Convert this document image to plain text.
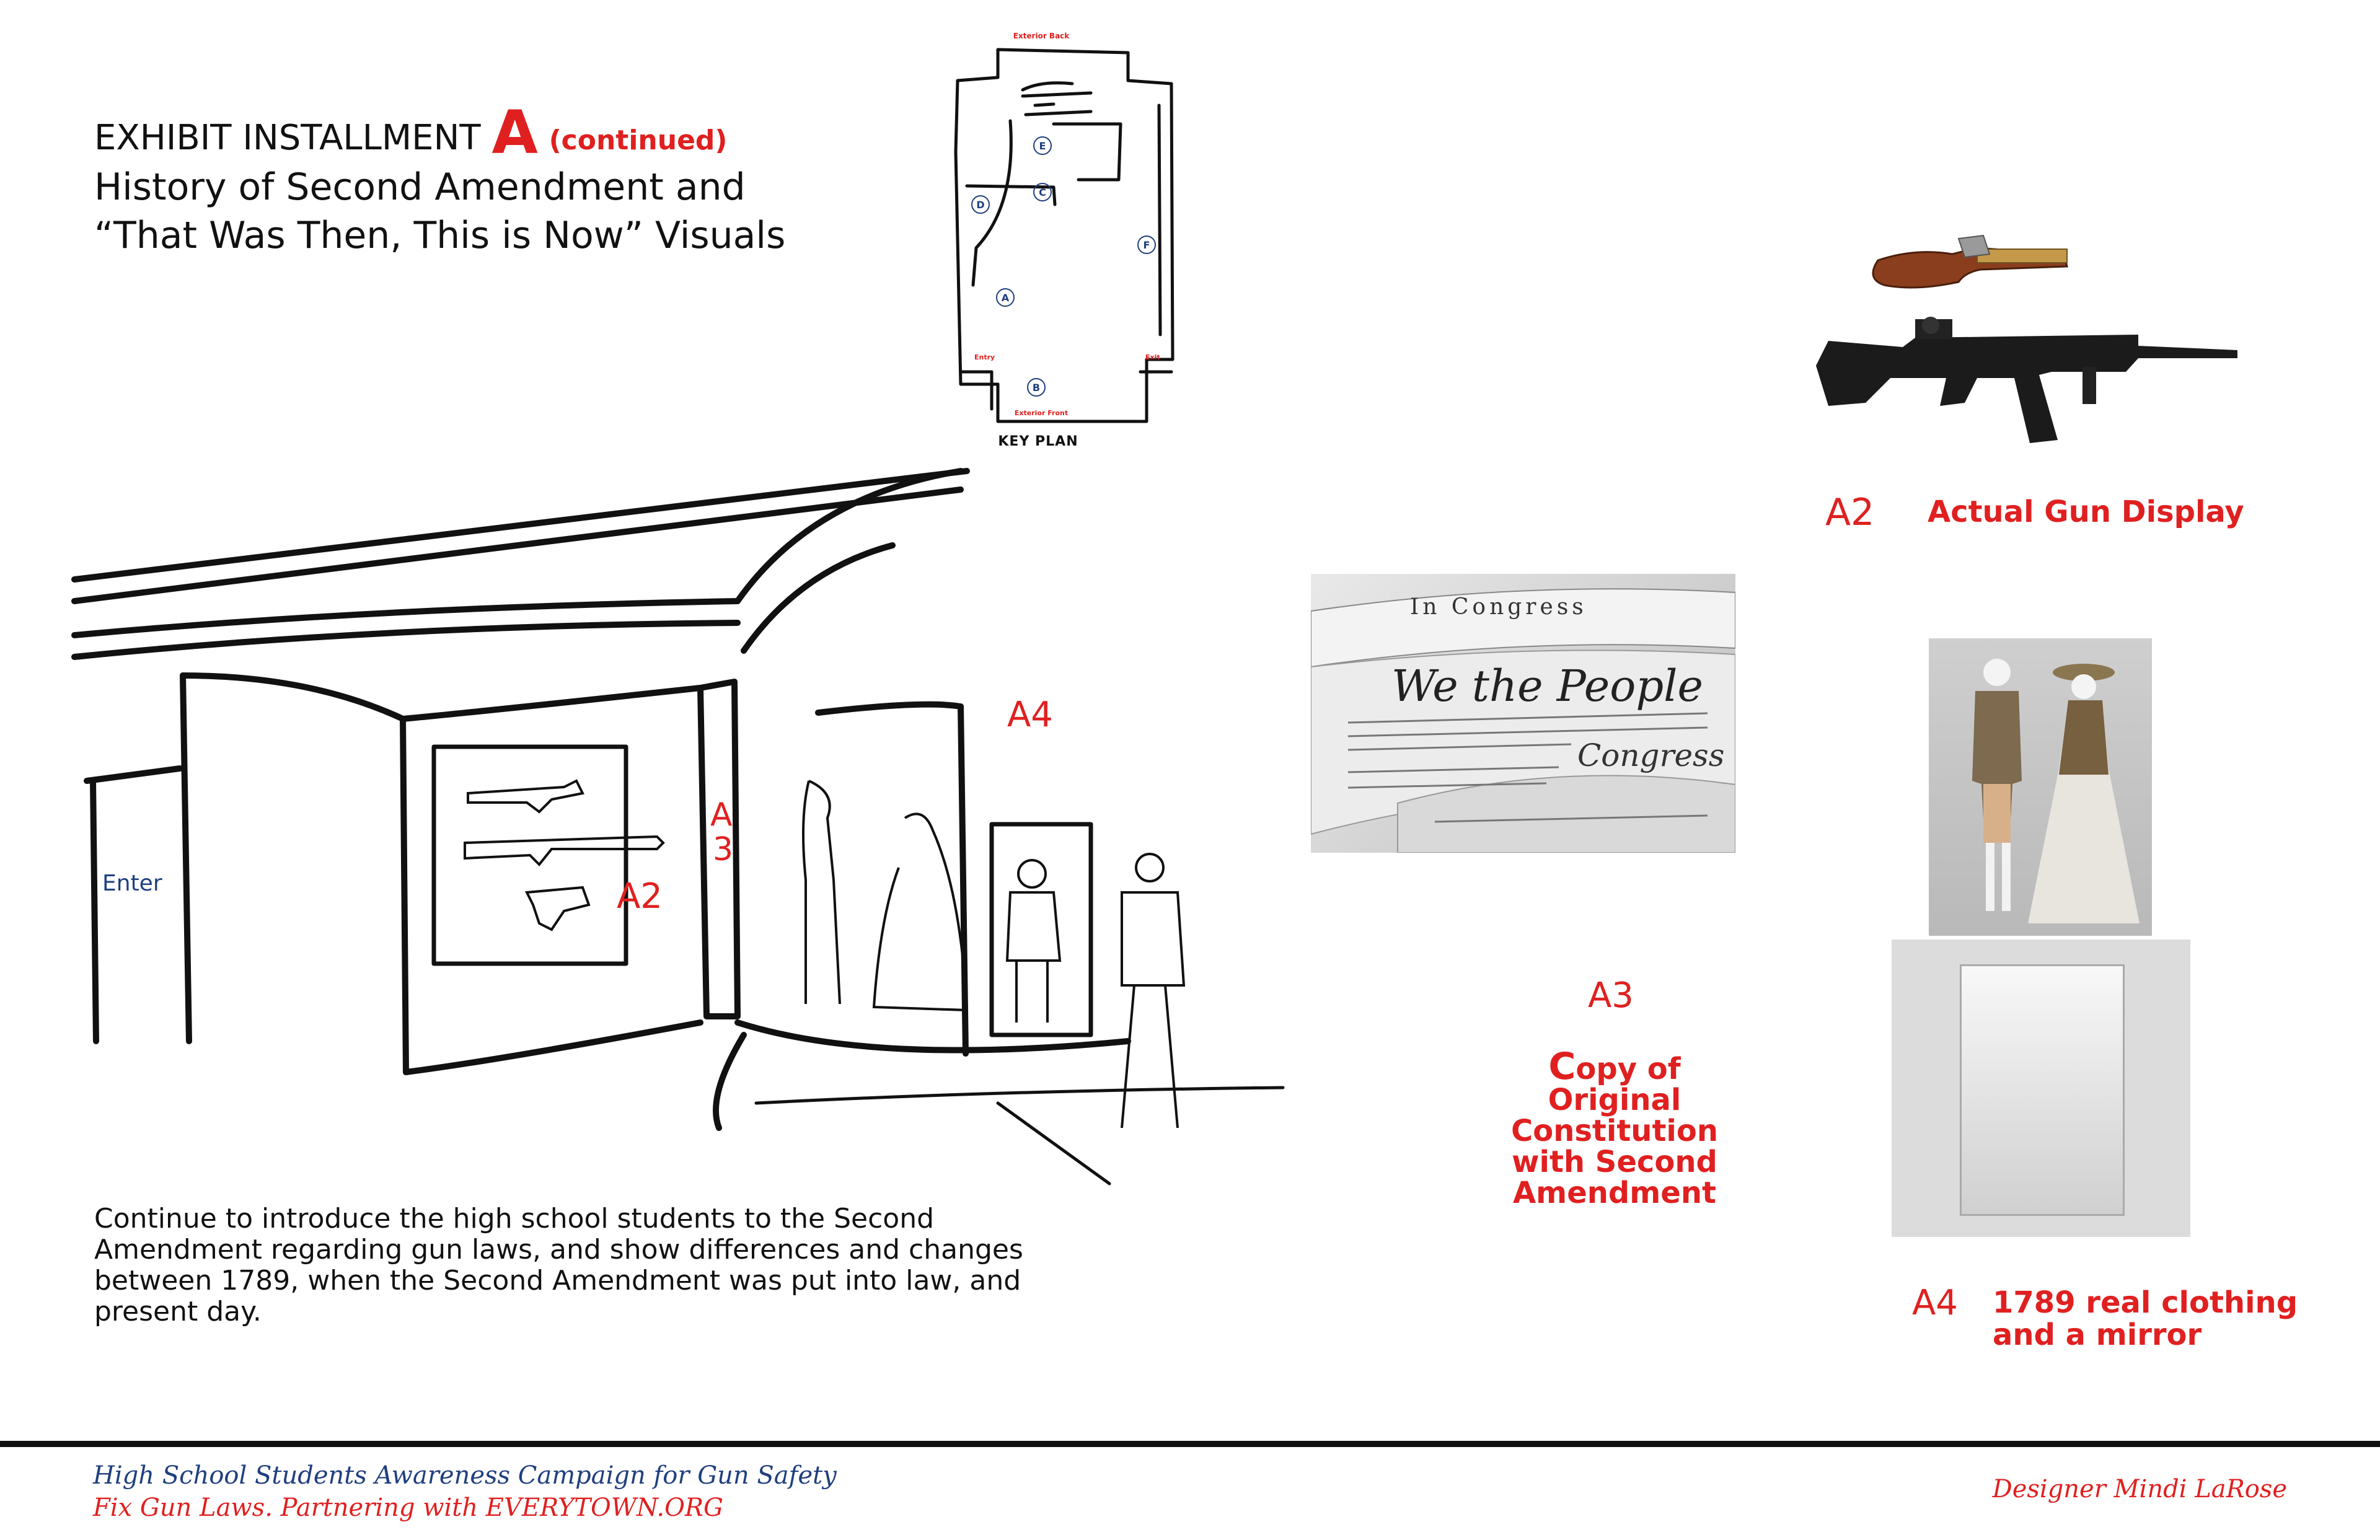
EXHIBIT INSTALLMENT A (continued)
History of Second Amendment and
“That Was Then, This is Now” Visuals
Exterior Back
E
C
D
F
A
B
Entry	Exit
Exterior Front
KEY PLAN
A2
A
3
A4
Enter
Continue to introduce the high school students to the Second Amendment regarding gun laws, and show differences and changes between 1789, when the Second Amendment was put into law, and present day.
A2 Actual Gun Display
In Congress
We the People
Congress
A3
Copy of Original Constitution with Second Amendment
A4 1789 real clothing and a mirror
High School Students Awareness Campaign for Gun Safety
Fix Gun Laws. Partnering with EVERYTOWN.ORG
Designer Mindi LaRose
